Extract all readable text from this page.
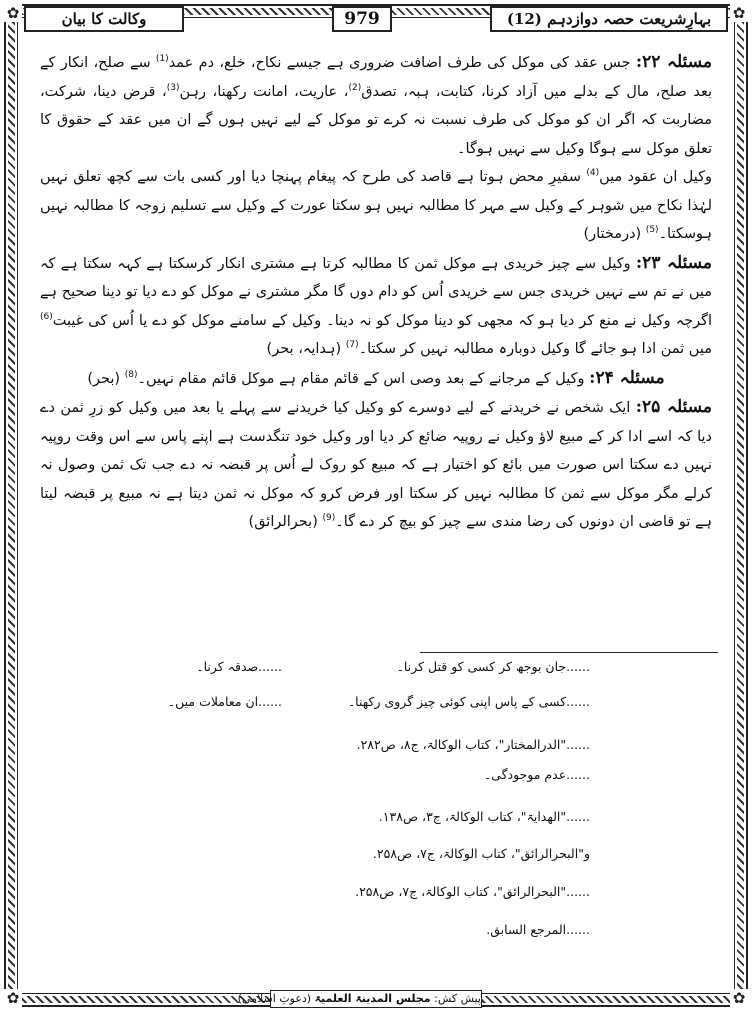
✿	✿
✿	✿
وکالت کا بیان	979	بہارِشریعت حصہ دوازدہم (12)

مسئلہ ۲۲: جس عقد کی موکل کی طرف اضافت ضروری ہے جیسے نکاح، خلع، دم عمد$^{(1)}$ سے صلح، انکار کے بعد صلح، مال کے بدلے میں آزاد کرنا، کتابت، ہبہ، تصدق$^{(2)}$، عاریت، امانت رکھنا، رہن$^{(3)}$، قرض دینا، شرکت، مضاربت کہ اگر ان کو موکل کی طرف نسبت نہ کرے تو موکل کے لیے نہیں ہوں گے ان میں عقد کے حقوق کا تعلق موکل سے ہوگا وکیل سے نہیں ہوگا۔

وکیل ان عقود میں$^{(4)}$ سفیرِ محض ہوتا ہے قاصد کی طرح کہ پیغام پہنچا دیا اور کسی بات سے کچھ تعلق نہیں لہٰذا نکاح میں شوہر کے وکیل سے مہر کا مطالبہ نہیں ہو سکتا عورت کے وکیل سے تسلیم زوجہ کا مطالبہ نہیں ہوسکتا۔$^{(5)}$ (درمختار)

مسئلہ ۲۳: وکیل سے چیز خریدی ہے موکل ثمن کا مطالبہ کرتا ہے مشتری انکار کرسکتا ہے کہہ سکتا ہے کہ میں نے تم سے نہیں خریدی جس سے خریدی اُس کو دام دوں گا مگر مشتری نے موکل کو دے دیا تو دینا صحیح ہے اگرچہ وکیل نے منع کر دیا ہو کہ مجھی کو دینا موکل کو نہ دینا۔ وکیل کے سامنے موکل کو دے یا اُس کی غیبت$^{(6)}$ میں ثمن ادا ہو جائے گا وکیل دوبارہ مطالبہ نہیں کر سکتا۔$^{(7)}$ (ہدایہ، بحر)

مسئلہ ۲۴: وکیل کے مرجانے کے بعد وصی اس کے قائم مقام ہے موکل قائم مقام نہیں۔$^{(8)}$ (بحر)

مسئلہ ۲۵: ایک شخص نے خریدنے کے لیے دوسرے کو وکیل کیا خریدنے سے پہلے یا بعد میں وکیل کو زرِ ثمن دے دیا کہ اسے ادا کر کے مبیع لاؤ وکیل نے روپیہ ضائع کر دیا اور وکیل خود تنگدست ہے اپنے پاس سے اس وقت روپیہ نہیں دے سکتا اس صورت میں بائع کو اختیار ہے کہ مبیع کو روک لے اُس پر قبضہ نہ دے جب تک ثمن وصول نہ کرلے مگر موکل سے ثمن کا مطالبہ نہیں کر سکتا اور فرض کرو کہ موکل نہ ثمن دیتا ہے نہ مبیع پر قبضہ لیتا ہے تو قاضی ان دونوں کی رضا مندی سے چیز کو بیچ کر دے گا۔$^{(9)}$ (بحرالرائق)

......جان بوجھ کر کسی کو قتل کرنا۔
......صدقہ کرنا۔
......کسی کے پاس اپنی کوئی چیز گروی رکھنا۔
......ان معاملات میں۔
......"الدرالمختار"، کتاب الوکالۃ، ج۸، ص۲۸۲.
......عدم موجودگی۔
......"الھدایۃ"، کتاب الوکالۃ، ج۳، ص۱۳۸.
و"البحرالرائق"، کتاب الوکالۃ، ج۷، ص۲۵۸.
......"البحرالرائق"، کتاب الوکالۃ، ج۷، ص۲۵۸.
......المرجع السابق.
پیش کش: مجلس المدینۃ العلمیۃ (دعوتِ اسلامی)
